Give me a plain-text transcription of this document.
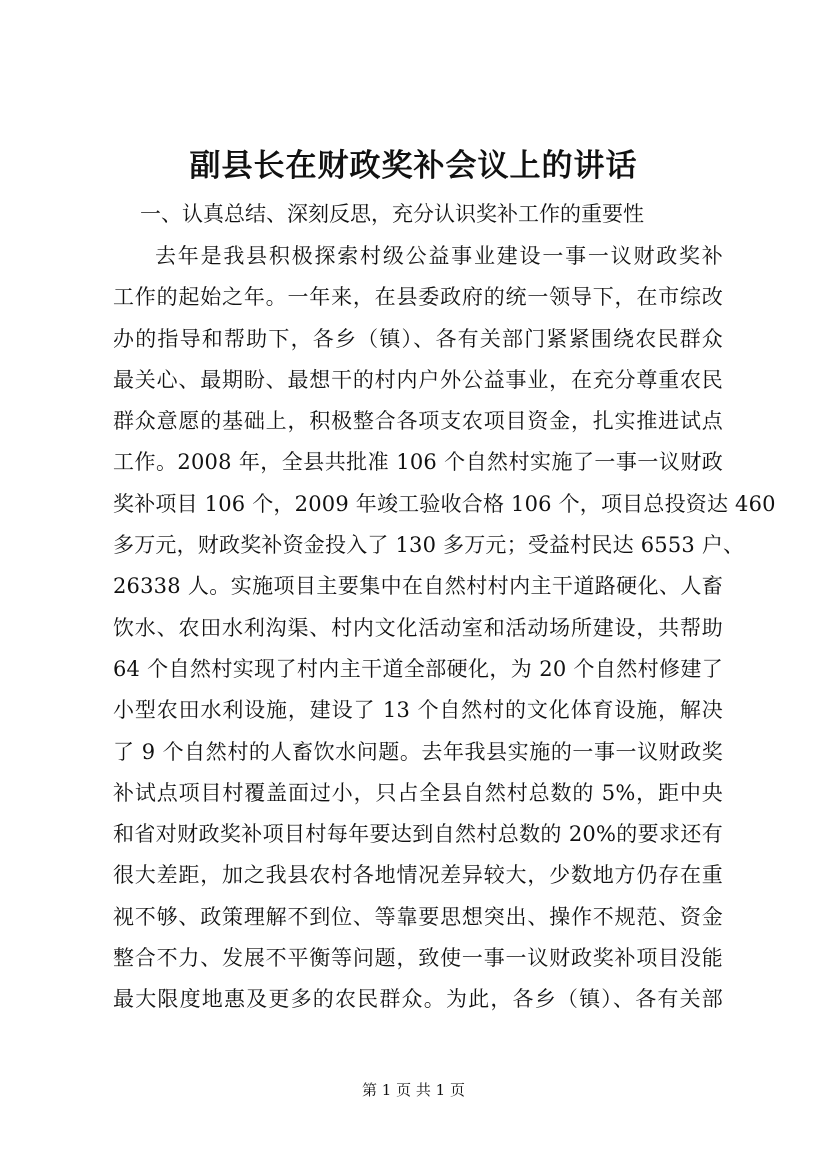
副县长在财政奖补会议上的讲话
一、认真总结、深刻反思，充分认识奖补工作的重要性
去年是我县积极探索村级公益事业建设一事一议财政奖补
工作的起始之年。一年来，在县委政府的统一领导下，在市综改
办的指导和帮助下，各乡（镇）、各有关部门紧紧围绕农民群众
最关心、最期盼、最想干的村内户外公益事业，在充分尊重农民
群众意愿的基础上，积极整合各项支农项目资金，扎实推进试点
工作。2008 年，全县共批准 106 个自然村实施了一事一议财政
奖补项目 106 个，2009 年竣工验收合格 106 个，项目总投资达 460
多万元，财政奖补资金投入了 130 多万元；受益村民达 6553 户、
26338 人。实施项目主要集中在自然村村内主干道路硬化、人畜
饮水、农田水利沟渠、村内文化活动室和活动场所建设，共帮助
64 个自然村实现了村内主干道全部硬化，为 20 个自然村修建了
小型农田水利设施，建设了 13 个自然村的文化体育设施，解决
了 9 个自然村的人畜饮水问题。去年我县实施的一事一议财政奖
补试点项目村覆盖面过小，只占全县自然村总数的 5%，距中央
和省对财政奖补项目村每年要达到自然村总数的 20%的要求还有
很大差距，加之我县农村各地情况差异较大，少数地方仍存在重
视不够、政策理解不到位、等靠要思想突出、操作不规范、资金
整合不力、发展不平衡等问题，致使一事一议财政奖补项目没能
最大限度地惠及更多的农民群众。为此，各乡（镇）、各有关部
第 1 页 共 1 页
